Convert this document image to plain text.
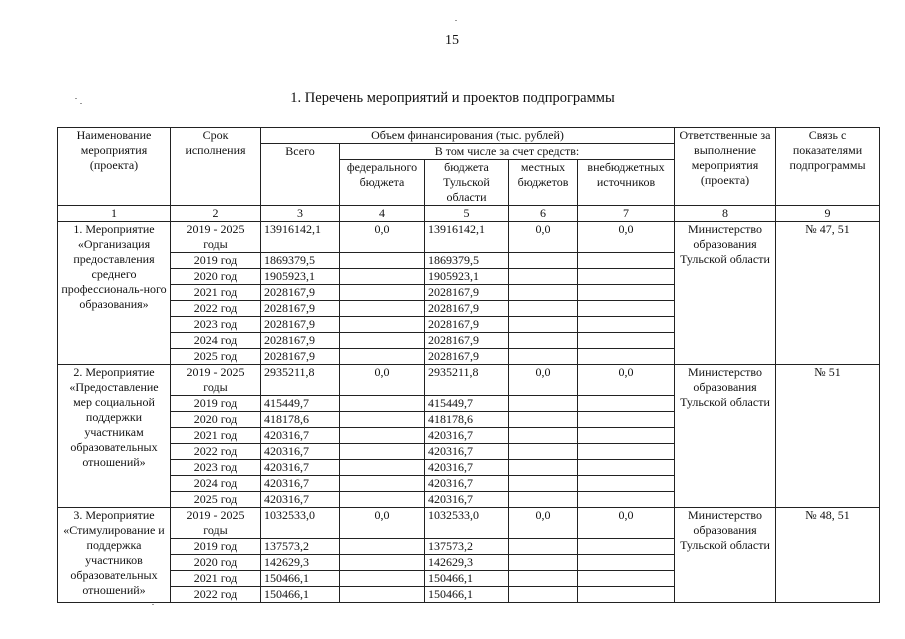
15
1. Перечень мероприятий и проектов подпрограммы
Наименование мероприятия (проекта)	Срок исполнения	Объем финансирования (тыс. рублей)					Ответственные за выполнение мероприятия (проекта)	Связь с показателями подпрограммы
		Всего	В том числе за счет средств:					
			федерального бюджета	бюджета Тульской области	местных бюджетов	внебюджетных источников		
1	2	3	4	5	6	7	8	9
1. Мероприятие «Организация предоставления среднего профессиональ-ного образования»	2019 - 2025 годы	13916142,1	0,0	13916142,1	0,0	0,0	Министерство образования Тульской области	№ 47, 51
	2019 год	1869379,5		1869379,5				
	2020 год	1905923,1		1905923,1				
	2021 год	2028167,9		2028167,9				
	2022 год	2028167,9		2028167,9				
	2023 год	2028167,9		2028167,9				
	2024 год	2028167,9		2028167,9				
	2025 год	2028167,9		2028167,9				
2. Мероприятие «Предоставление мер социальной поддержки участникам образовательных отношений»	2019 - 2025 годы	2935211,8	0,0	2935211,8	0,0	0,0	Министерство образования Тульской области	№ 51
	2019 год	415449,7		415449,7				
	2020 год	418178,6		418178,6				
	2021 год	420316,7		420316,7				
	2022 год	420316,7		420316,7				
	2023 год	420316,7		420316,7				
	2024 год	420316,7		420316,7				
	2025 год	420316,7		420316,7				
3. Мероприятие «Стимулирование и поддержка участников образовательных отношений»	2019 - 2025 годы	1032533,0	0,0	1032533,0	0,0	0,0	Министерство образования Тульской области	№ 48, 51
	2019 год	137573,2		137573,2				
	2020 год	142629,3		142629,3				
	2021 год	150466,1		150466,1				
	2022 год	150466,1		150466,1				
